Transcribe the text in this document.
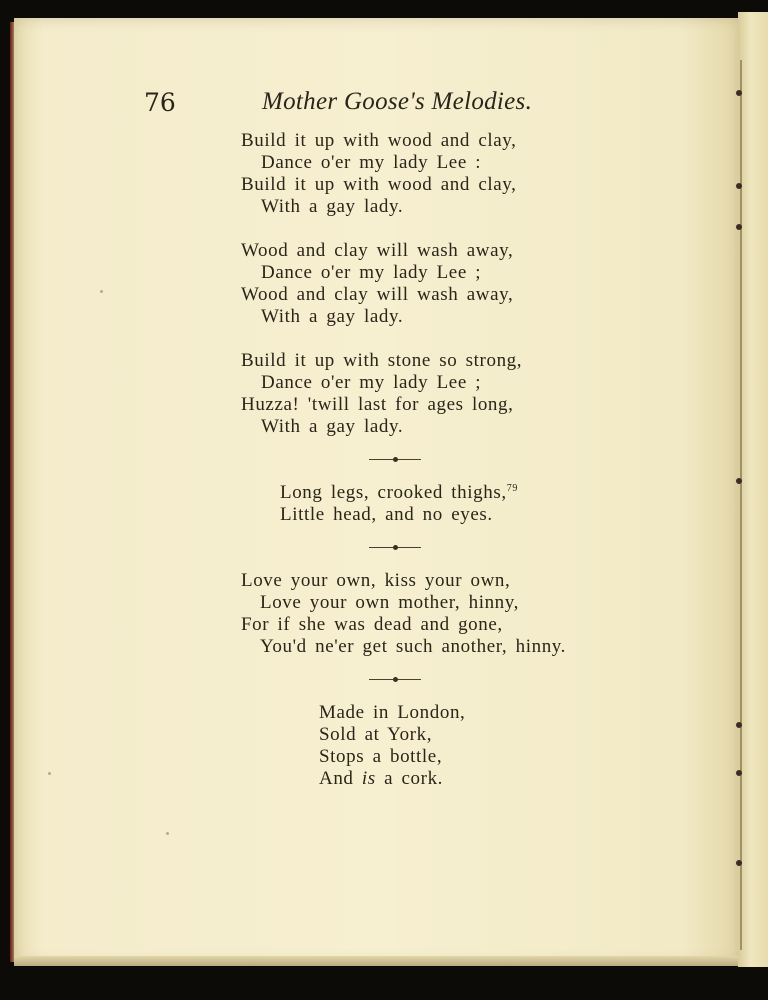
76	Mother Goose's Melodies.
Build it up with wood and clay,
Dance o'er my lady Lee :
Build it up with wood and clay,
With a gay lady.
Wood and clay will wash away,
Dance o'er my lady Lee ;
Wood and clay will wash away,
With a gay lady.
Build it up with stone so strong,
Dance o'er my lady Lee ;
Huzza! 'twill last for ages long,
With a gay lady.
Long legs, crooked thighs,$^{79}$
Little head, and no eyes.
Love your own, kiss your own,
Love your own mother, hinny,
For if she was dead and gone,
You'd ne'er get such another, hinny.
Made in London,
Sold at York,
Stops a bottle,
And is a cork.
